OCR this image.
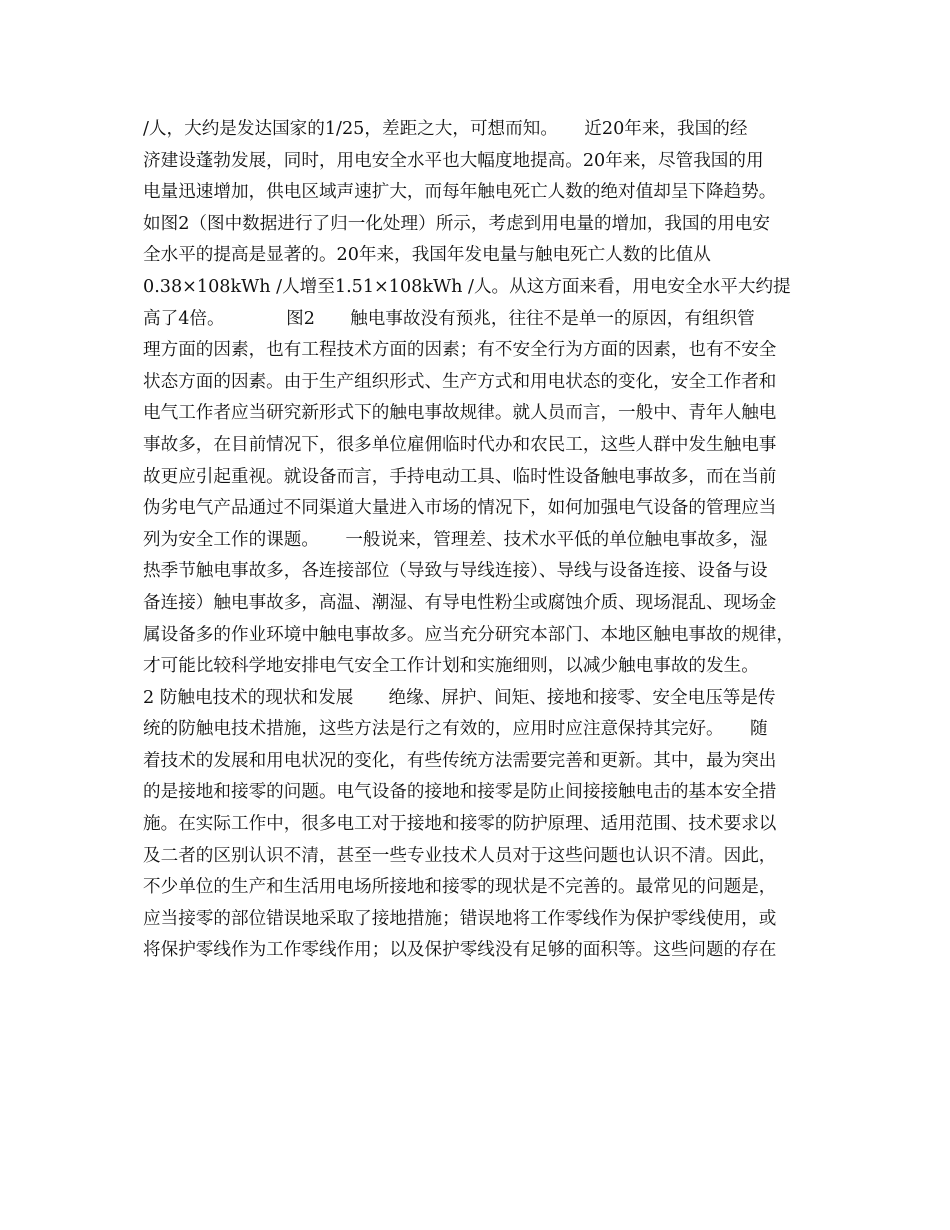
/人，大约是发达国家的1/25，差距之大，可想而知。　　近20年来，我国的经
济建设蓬勃发展，同时，用电安全水平也大幅度地提高。20年来，尽管我国的用
电量迅速增加，供电区域声速扩大，而每年触电死亡人数的绝对值却呈下降趋势。
如图2（图中数据进行了归一化处理）所示，考虑到用电量的增加，我国的用电安
全水平的提高是显著的。20年来，我国年发电量与触电死亡人数的比值从
0.38×108kWh /人增至1.51×108kWh /人。从这方面来看，用电安全水平大约提
高了4倍。　　　　图2　　触电事故没有预兆，往往不是单一的原因，有组织管
理方面的因素，也有工程技术方面的因素；有不安全行为方面的因素，也有不安全
状态方面的因素。由于生产组织形式、生产方式和用电状态的变化，安全工作者和
电气工作者应当研究新形式下的触电事故规律。就人员而言，一般中、青年人触电
事故多，在目前情况下，很多单位雇佣临时代办和农民工，这些人群中发生触电事
故更应引起重视。就设备而言，手持电动工具、临时性设备触电事故多，而在当前
伪劣电气产品通过不同渠道大量进入市场的情况下，如何加强电气设备的管理应当
列为安全工作的课题。　　一般说来，管理差、技术水平低的单位触电事故多，湿
热季节触电事故多，各连接部位（导致与导线连接）、导线与设备连接、设备与设
备连接）触电事故多，高温、潮湿、有导电性粉尘或腐蚀介质、现场混乱、现场金
属设备多的作业环境中触电事故多。应当充分研究本部门、本地区触电事故的规律，
才可能比较科学地安排电气安全工作计划和实施细则，以减少触电事故的发生。
2 防触电技术的现状和发展　　绝缘、屏护、间矩、接地和接零、安全电压等是传
统的防触电技术措施，这些方法是行之有效的，应用时应注意保持其完好。　　随
着技术的发展和用电状况的变化，有些传统方法需要完善和更新。其中，最为突出
的是接地和接零的问题。电气设备的接地和接零是防止间接接触电击的基本安全措
施。在实际工作中，很多电工对于接地和接零的防护原理、适用范围、技术要求以
及二者的区别认识不清，甚至一些专业技术人员对于这些问题也认识不清。因此，
不少单位的生产和生活用电场所接地和接零的现状是不完善的。最常见的问题是，
应当接零的部位错误地采取了接地措施；错误地将工作零线作为保护零线使用，或
将保护零线作为工作零线作用；以及保护零线没有足够的面积等。这些问题的存在
